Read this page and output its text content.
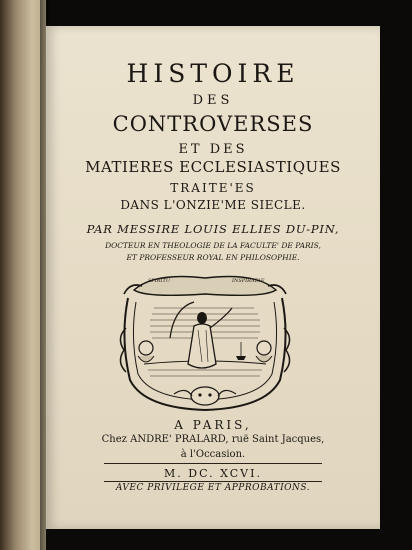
HISTOIRE
DES
CONTROVERSES
ET DES
MATIERES ECCLESIASTIQUES
TRAITE'ES
DANS L'ONZIE'ME SIECLE.
PAR MESSIRE LOUIS ELLIES DU-PIN,
DOCTEUR EN THEOLOGIE DE LA FACULTE' DE PARIS,
ET PROFESSEUR ROYAL EN PHILOSOPHIE.
SPIRITU	INSPIRATAE
A PARIS,
Chez ANDRE' PRALARD, ruë Saint Jacques,
à l'Occasion.
M. DC. XCVI.
AVEC PRIVILEGE ET APPROBATIONS.
